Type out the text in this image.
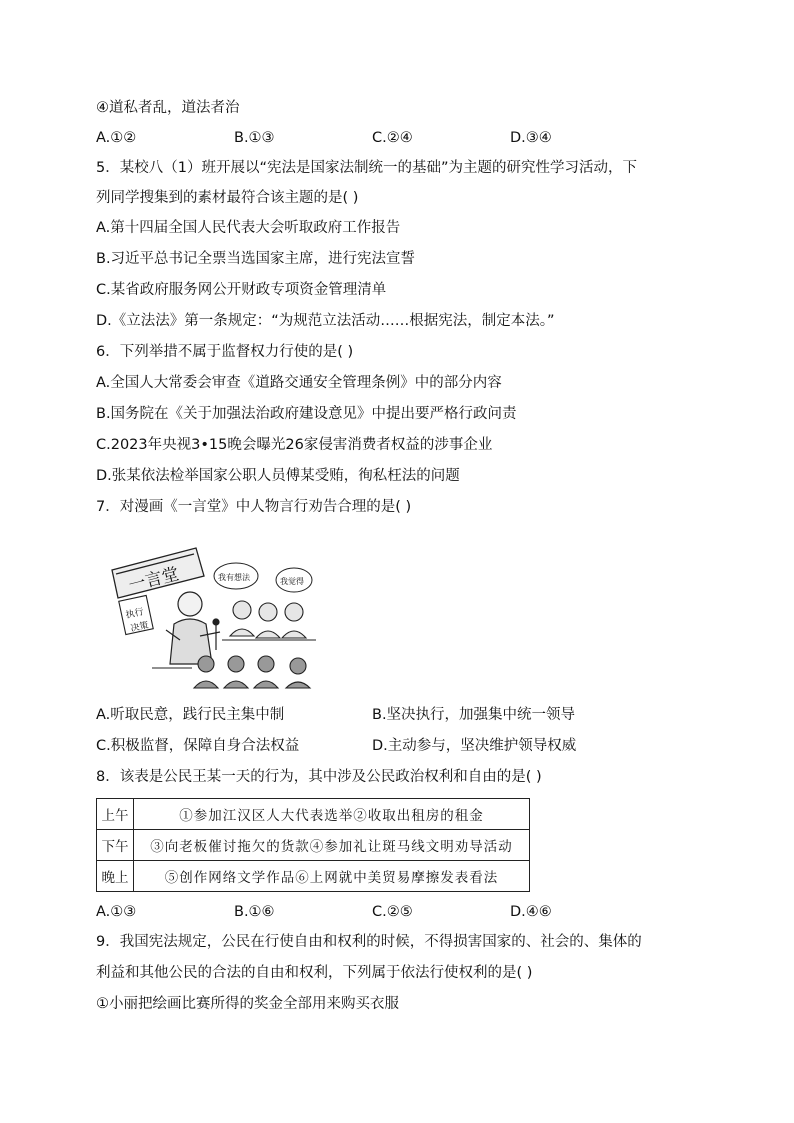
④道私者乱，道法者治
A.①②	B.①③	C.②④	D.③④
5．某校八（1）班开展以“宪法是国家法制统一的基础”为主题的研究性学习活动，下
列同学搜集到的素材最符合该主题的是( )
A.第十四届全国人民代表大会听取政府工作报告
B.习近平总书记全票当选国家主席，进行宪法宣誓
C.某省政府服务网公开财政专项资金管理清单
D.《立法法》第一条规定：“为规范立法活动……根据宪法，制定本法。”
6．下列举措不属于监督权力行使的是( )
A.全国人大常委会审查《道路交通安全管理条例》中的部分内容
B.国务院在《关于加强法治政府建设意见》中提出要严格行政问责
C.2023年央视3•15晚会曝光26家侵害消费者权益的涉事企业
D.张某依法检举国家公职人员傅某受贿，徇私枉法的问题
7．对漫画《一言堂》中人物言行劝告合理的是( )
一言堂
执行
决策
我有想法	我觉得
A.听取民意，践行民主集中制	B.坚决执行，加强集中统一领导
C.积极监督，保障自身合法权益	D.主动参与，坚决维护领导权威
8．该表是公民王某一天的行为，其中涉及公民政治权利和自由的是( )
上午	①参加江汉区人大代表选举②收取出租房的租金
下午	③向老板催讨拖欠的货款④参加礼让斑马线文明劝导活动
晚上	⑤创作网络文学作品⑥上网就中美贸易摩擦发表看法
A.①③	B.①⑥	C.②⑤	D.④⑥
9．我国宪法规定，公民在行使自由和权利的时候，不得损害国家的、社会的、集体的
利益和其他公民的合法的自由和权利，下列属于依法行使权利的是( )
①小丽把绘画比赛所得的奖金全部用来购买衣服
